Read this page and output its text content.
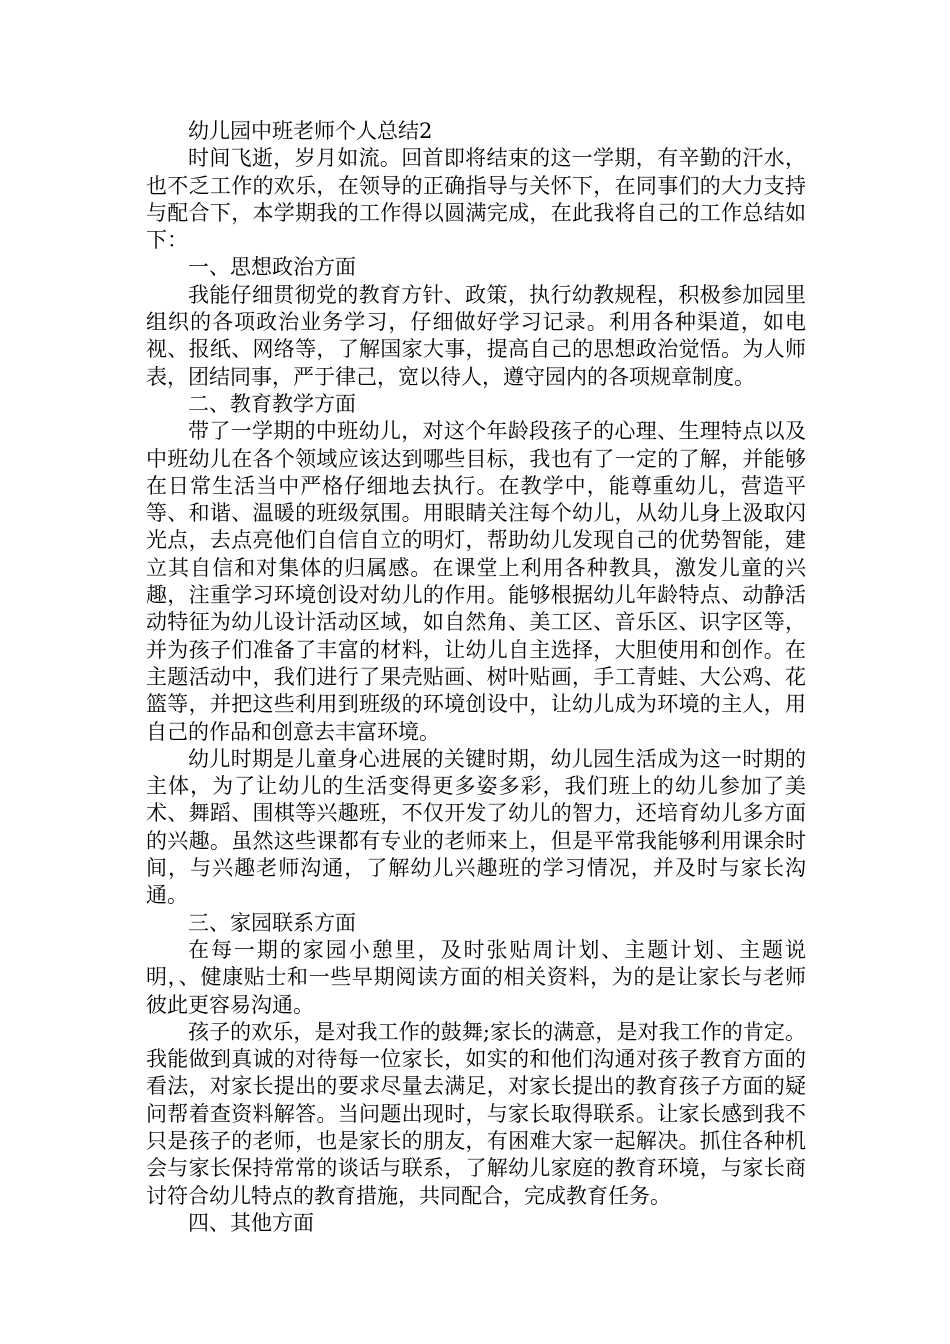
幼儿园中班老师个人总结2

时间飞逝，岁月如流。回首即将结束的这一学期，有辛勤的汗水，也不乏工作的欢乐，在领导的正确指导与关怀下，在同事们的大力支持与配合下，本学期我的工作得以圆满完成，在此我将自己的工作总结如下：

一、思想政治方面

我能仔细贯彻党的教育方针、政策，执行幼教规程，积极参加园里组织的各项政治业务学习，仔细做好学习记录。利用各种渠道，如电视、报纸、网络等，了解国家大事，提高自己的思想政治觉悟。为人师表，团结同事，严于律己，宽以待人，遵守园内的各项规章制度。

二、教育教学方面

带了一学期的中班幼儿，对这个年龄段孩子的心理、生理特点以及中班幼儿在各个领域应该达到哪些目标，我也有了一定的了解，并能够在日常生活当中严格仔细地去执行。在教学中，能尊重幼儿，营造平等、和谐、温暖的班级氛围。用眼睛关注每个幼儿，从幼儿身上汲取闪光点，去点亮他们自信自立的明灯，帮助幼儿发现自己的优势智能，建立其自信和对集体的归属感。在课堂上利用各种教具，激发儿童的兴趣，注重学习环境创设对幼儿的作用。能够根据幼儿年龄特点、动静活动特征为幼儿设计活动区域，如自然角、美工区、音乐区、识字区等，并为孩子们准备了丰富的材料，让幼儿自主选择，大胆使用和创作。在主题活动中，我们进行了果壳贴画、树叶贴画，手工青蛙、大公鸡、花篮等，并把这些利用到班级的环境创设中，让幼儿成为环境的主人，用自己的作品和创意去丰富环境。

幼儿时期是儿童身心进展的关键时期，幼儿园生活成为这一时期的主体，为了让幼儿的生活变得更多姿多彩，我们班上的幼儿参加了美术、舞蹈、围棋等兴趣班，不仅开发了幼儿的智力，还培育幼儿多方面的兴趣。虽然这些课都有专业的老师来上，但是平常我能够利用课余时间，与兴趣老师沟通，了解幼儿兴趣班的学习情况，并及时与家长沟通。

三、家园联系方面

在每一期的家园小憩里，及时张贴周计划、主题计划、主题说明，、健康贴士和一些早期阅读方面的相关资料，为的是让家长与老师彼此更容易沟通。

孩子的欢乐，是对我工作的鼓舞;家长的满意，是对我工作的肯定。我能做到真诚的对待每一位家长，如实的和他们沟通对孩子教育方面的看法，对家长提出的要求尽量去满足，对家长提出的教育孩子方面的疑问帮着查资料解答。当问题出现时，与家长取得联系。让家长感到我不只是孩子的老师，也是家长的朋友，有困难大家一起解决。抓住各种机会与家长保持常常的谈话与联系，了解幼儿家庭的教育环境，与家长商讨符合幼儿特点的教育措施，共同配合，完成教育任务。

四、其他方面
